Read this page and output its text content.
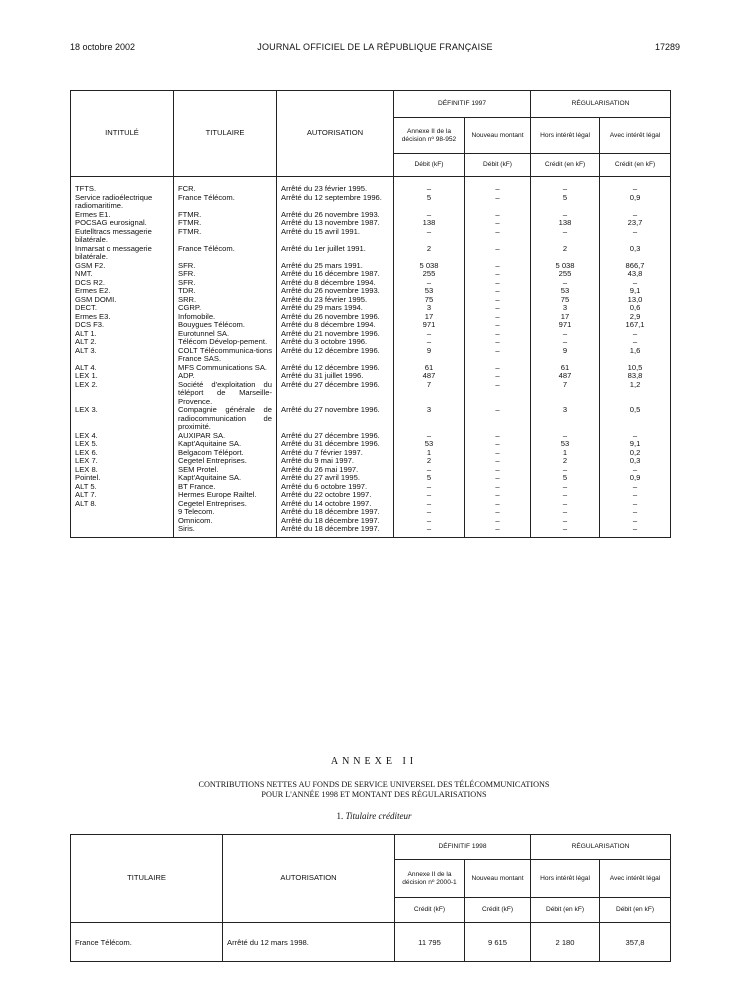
18 octobre 2002	JOURNAL OFFICIEL DE LA RÉPUBLIQUE FRANÇAISE	17289
INTITULÉ	TITULAIRE	AUTORISATION	DÉFINITIF 1997		RÉGULARISATION	
			Annexe II de la décision nº 98-952	Nouveau montant	Hors intérêt légal	Avec intérêt légal
			Débit (kF)	Débit (kF)	Crédit (en kF)	Crédit (en kF)
TFTS.	FCR.	Arrêté du 23 février 1995.	–	–	–	–
Service radioélectrique radiomaritime.	France Télécom.	Arrêté du 12 septembre 1996.	5	–	5	0,9
Ermes E1.	FTMR.	Arrêté du 26 novembre 1993.	–	–	–	–
POCSAG eurosignal.	FTMR.	Arrêté du 13 novembre 1987.	138	–	138	23,7
Eutelltracs messagerie bilatérale.	FTMR.	Arrêté du 15 avril 1991.	–	–	–	–
Inmarsat c messagerie bilatérale.	France Télécom.	Arrêté du 1er juillet 1991.	2	–	2	0,3
GSM F2.	SFR.	Arrêté du 25 mars 1991.	5 038	–	5 038	866,7
NMT.	SFR.	Arrêté du 16 décembre 1987.	255	–	255	43,8
DCS R2.	SFR.	Arrêté du 8 décembre 1994.	–	–	–	–
Ermes E2.	TDR.	Arrêté du 26 novembre 1993.	53	–	53	9,1
GSM DOMI.	SRR.	Arrêté du 23 février 1995.	75	–	75	13,0
DECT.	CGRP.	Arrêté du 29 mars 1994.	3	–	3	0,6
Ermes E3.	Infomobile.	Arrêté du 26 novembre 1996.	17	–	17	2,9
DCS F3.	Bouygues Télécom.	Arrêté du 8 décembre 1994.	971	–	971	167,1
ALT 1.	Eurotunnel SA.	Arrêté du 21 novembre 1996.	–	–	–	–
ALT 2.	Télécom Dévelop-pement.	Arrêté du 3 octobre 1996.	–	–	–	–
ALT 3.	COLT Télécommunica-tions France SAS.	Arrêté du 12 décembre 1996.	9	–	9	1,6
ALT 4.	MFS Communications SA.	Arrêté du 12 décembre 1996.	61	–	61	10,5
LEX 1.	ADP.	Arrêté du 31 juillet 1996.	487	–	487	83,8
LEX 2.	Société d'exploitation du téléport de Marseille-Provence.	Arrêté du 27 décembre 1996.	7	–	7	1,2
LEX 3.	Compagnie générale de radiocommunication de proximité.	Arrêté du 27 novembre 1996.	3	–	3	0,5
LEX 4.	AUXIPAR SA.	Arrêté du 27 décembre 1996.	–	–	–	–
LEX 5.	Kapt'Aquitaine SA.	Arrêté du 31 décembre 1996.	53	–	53	9,1
LEX 6.	Belgacom Téléport.	Arrêté du 7 février 1997.	1	–	1	0,2
LEX 7.	Cegetel Entreprises.	Arrêté du 9 mai 1997.	2	–	2	0,3
LEX 8.	SEM Protel.	Arrêté du 26 mai 1997.	–	–	–	–
Pointel.	Kapt'Aquitaine SA.	Arrêté du 27 avril 1995.	5	–	5	0,9
ALT 5.	BT France.	Arrêté du 6 octobre 1997.	–	–	–	–
ALT 7.	Hermes Europe Railtel.	Arrêté du 22 octobre 1997.	–	–	–	–
ALT 8.	Cegetel Entreprises.	Arrêté du 14 octobre 1997.	–	–	–	–
	9 Telecom.	Arrêté du 18 décembre 1997.	–	–	–	–
	Omnicom.	Arrêté du 18 décembre 1997.	–	–	–	–
	Siris.	Arrêté du 18 décembre 1997.	–	–	–	–
ANNEXE II
CONTRIBUTIONS NETTES AU FONDS DE SERVICE UNIVERSEL DES TÉLÉCOMMUNICATIONS
POUR L'ANNÉE 1998 ET MONTANT DES RÉGULARISATIONS
1. Titulaire créditeur
TITULAIRE	AUTORISATION	DÉFINITIF 1998		RÉGULARISATION	
		Annexe II de la décision nº 2000-1	Nouveau montant	Hors intérêt légal	Avec intérêt légal
		Crédit (kF)	Crédit (kF)	Débit (en kF)	Débit (en kF)
France Télécom.	Arrêté du 12 mars 1998.	11 795	9 615	2 180	357,8
